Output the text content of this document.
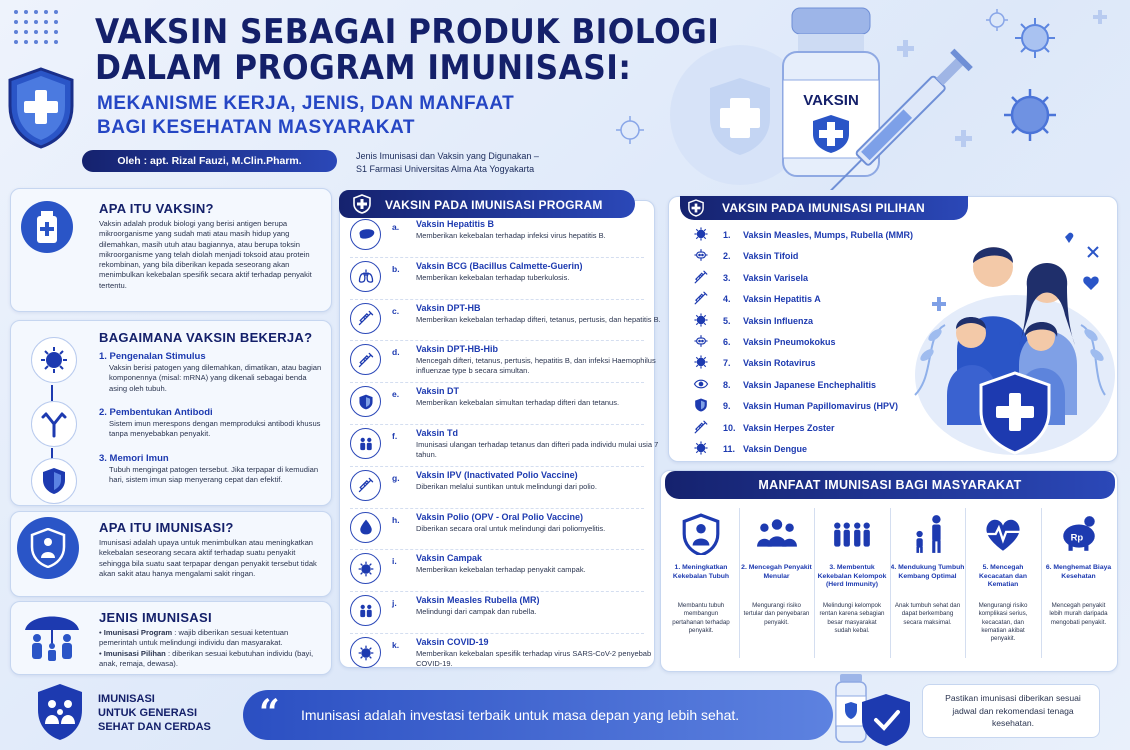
VAKSIN SEBAGAI PRODUK BIOLOGI
DALAM PROGRAM IMUNISASI:
MEKANISME KERJA, JENIS, DAN MANFAAT
BAGI KESEHATAN MASYARAKAT
Oleh : apt. Rizal Fauzi, M.Clin.Pharm.	Jenis Imunisasi dan Vaksin yang Digunakan –
S1 Farmasi Universitas Alma Ata Yogyakarta
VAKSIN
APA ITU VAKSIN?
Vaksin adalah produk biologi yang berisi antigen berupa mikroorganisme yang sudah mati atau masih hidup yang dilemahkan, masih utuh atau bagiannya, atau berupa toksin mikroorganisme yang telah diolah menjadi toksoid atau protein rekombinan, yang bila diberikan kepada seseorang akan menimbulkan kekebalan spesifik secara aktif terhadap penyakit tertentu.
BAGAIMANA VAKSIN BEKERJA?
1. Pengenalan Stimulus
Vaksin berisi patogen yang dilemahkan, dimatikan, atau bagian komponennya (misal: mRNA) yang dikenali sebagai benda asing oleh tubuh.
2. Pembentukan Antibodi
Sistem imun merespons dengan memproduksi antibodi khusus tanpa menyebabkan penyakit.
3. Memori Imun
Tubuh mengingat patogen tersebut. Jika terpapar di kemudian hari, sistem imun siap menyerang cepat dan efektif.
APA ITU IMUNISASI?
Imunisasi adalah upaya untuk menimbulkan atau meningkatkan kekebalan seseorang secara aktif terhadap suatu penyakit sehingga bila suatu saat terpapar dengan penyakit tersebut tidak akan sakit atau hanya mengalami sakit ringan.
JENIS IMUNISASI
• Imunisasi Program : wajib diberikan sesuai ketentuan pemerintah untuk melindungi individu dan masyarakat.
• Imunisasi Pilihan : diberikan sesuai kebutuhan individu (bayi, anak, remaja, dewasa).
a. Vaksin Hepatitis B
Memberikan kekebalan terhadap infeksi virus hepatitis B.
b. Vaksin BCG (Bacillus Calmette-Guerin)
Memberikan kekebalan terhadap tuberkulosis.
c. Vaksin DPT-HB
Memberikan kekebalan terhadap difteri, tetanus, pertusis, dan hepatitis B.
d. Vaksin DPT-HB-Hib
Mencegah difteri, tetanus, pertusis, hepatitis B, dan infeksi Haemophilus influenzae type b secara simultan.
e. Vaksin DT
Memberikan kekebalan simultan terhadap difteri dan tetanus.
f. Vaksin Td
Imunisasi ulangan terhadap tetanus dan difteri pada individu mulai usia 7 tahun.
g. Vaksin IPV (Inactivated Polio Vaccine)
Diberikan melalui suntikan untuk melindungi dari polio.
h. Vaksin Polio (OPV - Oral Polio Vaccine)
Diberikan secara oral untuk melindungi dari poliomyelitis.
i. Vaksin Campak
Memberikan kekebalan terhadap penyakit campak.
j. Vaksin Measles Rubella (MR)
Melindungi dari campak dan rubella.
k. Vaksin COVID-19
Memberikan kekebalan spesifik terhadap virus SARS-CoV-2 penyebab COVID-19.
VAKSIN PADA IMUNISASI PROGRAM
1. Vaksin Measles, Mumps, Rubella (MMR)
2. Vaksin Tifoid
3. Vaksin Varisela
4. Vaksin Hepatitis A
5. Vaksin Influenza
6. Vaksin Pneumokokus
7. Vaksin Rotavirus
8. Vaksin Japanese Enchephalitis
9. Vaksin Human Papillomavirus (HPV)
10. Vaksin Herpes Zoster
11. Vaksin Dengue
VAKSIN PADA IMUNISASI PILIHAN
MANFAAT IMUNISASI BAGI MASYARAKAT
1. Meningkatkan Kekebalan Tubuh
Membantu tubuh membangun pertahanan terhadap penyakit.
2. Mencegah Penyakit Menular
Mengurangi risiko tertular dan penyebaran penyakit.
3. Membentuk Kekebalan Kelompok (Herd Immunity)
Melindungi kelompok rentan karena sebagian besar masyarakat sudah kebal.
4. Mendukung Tumbuh Kembang Optimal
Anak tumbuh sehat dan dapat berkembang secara maksimal.
5. Mencegah Kecacatan dan Kematian
Mengurangi risiko komplikasi serius, kecacatan, dan kematian akibat penyakit.
Rp
6. Menghemat Biaya Kesehatan
Mencegah penyakit lebih murah daripada mengobati penyakit.
IMUNISASI
UNTUK GENERASI
SEHAT DAN CERDAS “ Imunisasi adalah investasi terbaik untuk masa depan yang lebih sehat.
Pastikan imunisasi diberikan sesuai jadwal dan rekomendasi tenaga kesehatan.
